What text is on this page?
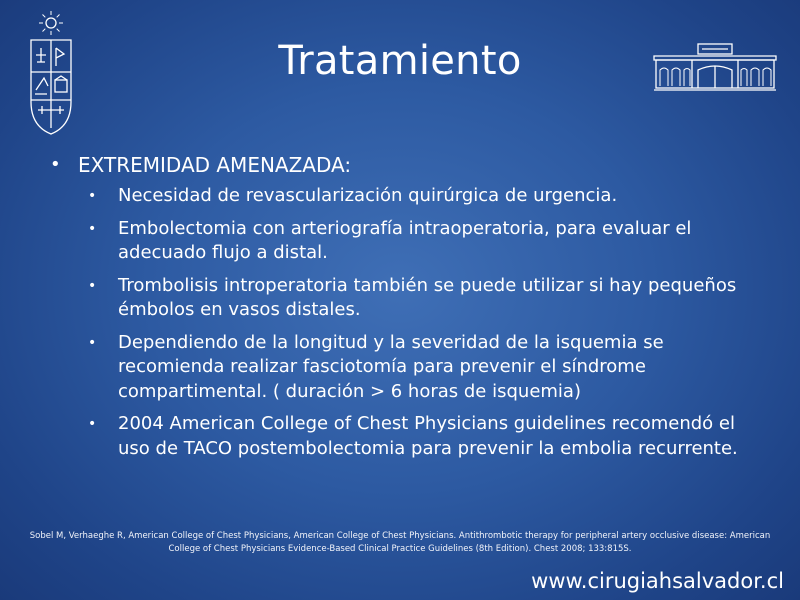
Tratamiento
• EXTREMIDAD AMENAZADA:
• Necesidad de revascularización quirúrgica de urgencia.
• Embolectomia con arteriografía intraoperatoria, para evaluar el adecuado flujo a distal.
• Trombolisis introperatoria también se puede utilizar si hay pequeños émbolos en vasos distales.
• Dependiendo de la longitud y la severidad de la isquemia se recomienda realizar fasciotomía para prevenir el síndrome compartimental. ( duración > 6 horas de isquemia)
• 2004 American College of Chest Physicians guidelines recomendó el uso de TACO postembolectomia para prevenir la embolia recurrente.
Sobel M, Verhaeghe R, American College of Chest Physicians, American College of Chest Physicians. Antithrombotic therapy for peripheral artery occlusive disease: American College of Chest Physicians Evidence-Based Clinical Practice Guidelines (8th Edition). Chest 2008; 133:815S.
www.cirugiahsalvador.cl
